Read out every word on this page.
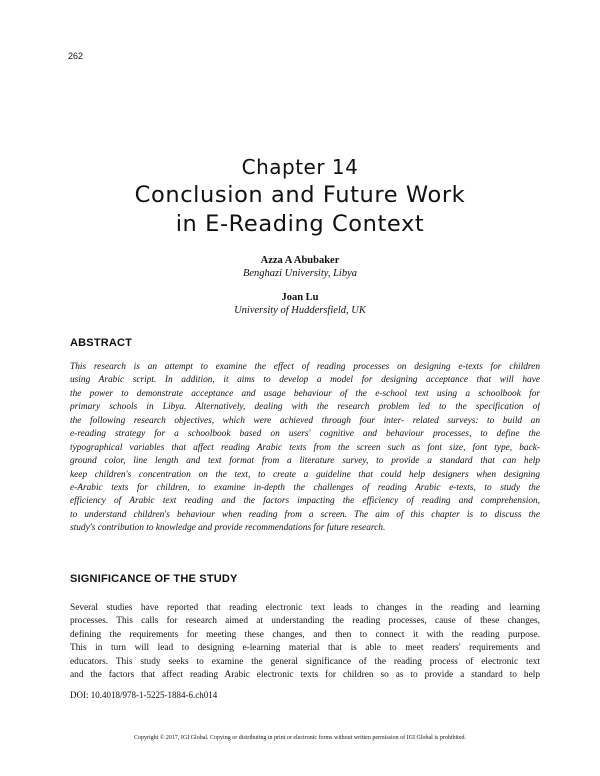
262
Chapter 14
Conclusion and Future Work
in E-Reading Context
Azza A Abubaker
Benghazi University, Libya
Joan Lu
University of Huddersfield, UK
ABSTRACT
This research is an attempt to examine the effect of reading processes on designing e-texts for children
using Arabic script. In addition, it aims to develop a model for designing acceptance that will have
the power to demonstrate acceptance and usage behaviour of the e-school text using a schoolbook for
primary schools in Libya. Alternatively, dealing with the research problem led to the specification of
the following research objectives, which were achieved through four inter- related surveys: to build an
e-reading strategy for a schoolbook based on users' cognitive and behaviour processes, to define the
typographical variables that affect reading Arabic texts from the screen such as font size, font type, back-
ground color, line length and text format from a literature survey, to provide a standard that can help
keep children's concentration on the text, to create a guideline that could help designers when designing
e-Arabic texts for children, to examine in-depth the challenges of reading Arabic e-texts, to study the
efficiency of Arabic text reading and the factors impacting the efficiency of reading and comprehension,
to understand children's behaviour when reading from a screen. The aim of this chapter is to discuss the
study's contribution to knowledge and provide recommendations for future research.
SIGNIFICANCE OF THE STUDY
Several studies have reported that reading electronic text leads to changes in the reading and learning
processes. This calls for research aimed at understanding the reading processes, cause of these changes,
defining the requirements for meeting these changes, and then to connect it with the reading purpose.
This in turn will lead to designing e-learning material that is able to meet readers' requirements and
educators. This study seeks to examine the general significance of the reading process of electronic text
and the factors that affect reading Arabic electronic texts for children so as to provide a standard to help
DOI: 10.4018/978-1-5225-1884-6.ch014
Copyright © 2017, IGI Global. Copying or distributing in print or electronic forms without written permission of IGI Global is prohibited.
